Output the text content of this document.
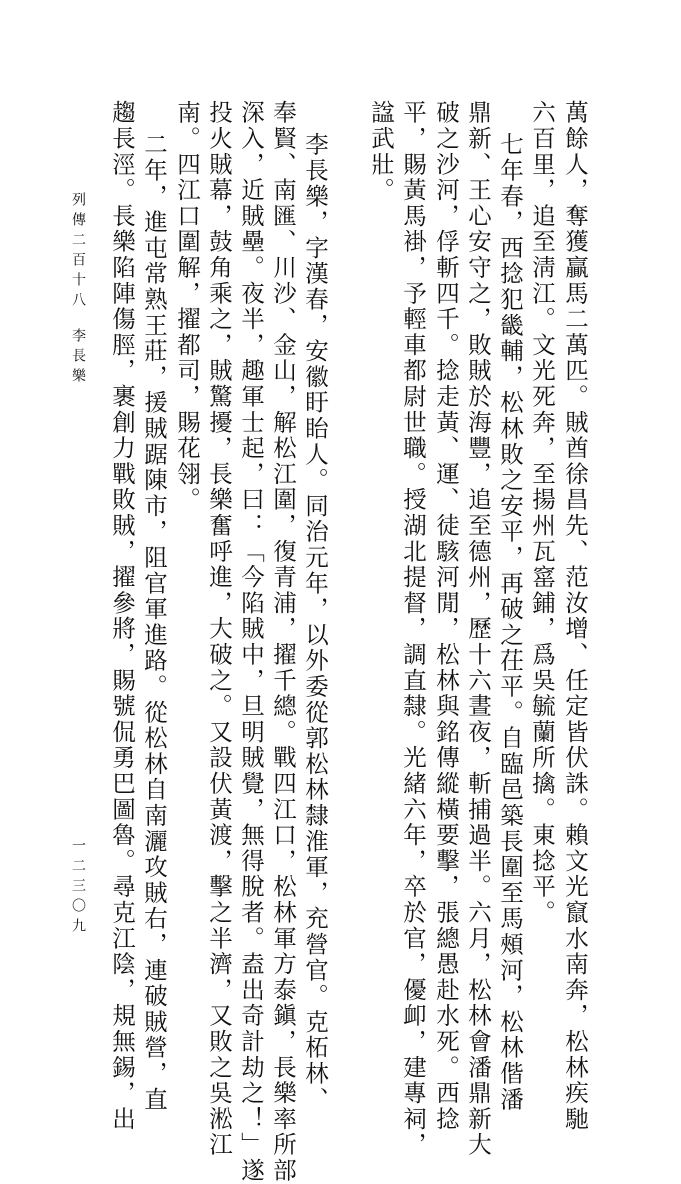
萬餘人，奪獲贏馬二萬匹。賊酋徐昌先、范汝增、任定皆伏誅。賴文光竄水南奔，松林疾馳
六百里，追至淸江。文光死奔，至揚州瓦窰鋪，爲吳毓蘭所擒。東捻平。
七年春，西捻犯畿輔，松林敗之安平，再破之茌平。自臨邑築長圍至馬頰河，松林偕潘
鼎新、王心安守之，敗賊於海豐，追至德州，歷十六晝夜，斬捕過半。六月，松林會潘鼎新大
破之沙河，俘斬四千。捻走黃、運、徒駭河閒，松林與銘傳縱橫要擊，張總愚赴水死。西捻
平，賜黃馬褂，予輕車都尉世職。授湖北提督，調直隸。光緒六年，卒於官，優卹，建專祠，
諡武壯。
李長樂，字漢春，安徽盱眙人。同治元年，以外委從郭松林隸淮軍，充營官。克柘林、
奉賢、南匯、川沙、金山，解松江圍，復青浦，擢千總。戰四江口，松林軍方泰鎭，長樂率所部
深入，近賊壘。夜半，趣軍士起，曰：「今陷賊中，旦明賊覺，無得脫者。盍出奇計劫之！」遂
投火賊幕，鼓角乘之，賊驚擾，長樂奮呼進，大破之。又設伏黃渡，擊之半濟，又敗之吳淞江
南。四江口圍解，擢都司，賜花翎。
二年，進屯常熟王莊，援賊踞陳市，阻官軍進路。從松林自南灑攻賊右，連破賊營，直
趨長涇。長樂陷陣傷脛，裹創力戰敗賊，擢參將，賜號侃勇巴圖魯。尋克江陰，規無錫，出
列傳二百十八
李長樂
一二三〇九
